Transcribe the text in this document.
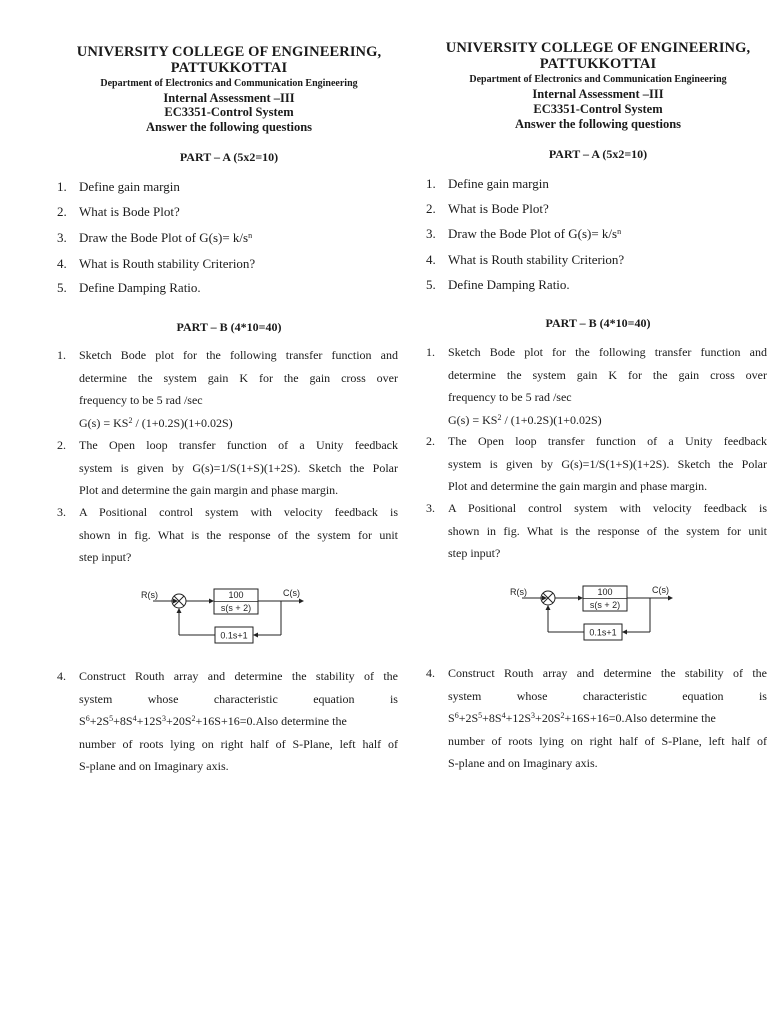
UNIVERSITY COLLEGE OF ENGINEERING,
PATTUKKOTTAI
Department of Electronics and Communication Engineering
Internal Assessment –III
EC3351-Control System
Answer the following questions
PART – A (5x2=10)
1. Define gain margin
2. What is Bode Plot?
3. Draw the Bode Plot of $G(s)= k/s^n$
4. What is Routh stability Criterion?
5. Define Damping Ratio.
PART – B (4*10=40)
1. Sketch Bode plot for the following transfer function and
determine the system gain K for the gain cross over
frequency to be 5 rad /sec
$G(s) = KS^2 / (1+0.2S)(1+0.02S)$
2. The Open loop transfer function of a Unity feedback
system is given by G(s)=1/S(1+S)(1+2S). Sketch the Polar
Plot and determine the gain margin and phase margin.
3. A Positional control system with velocity feedback is
shown in fig. What is the response of the system for unit
step input?
R(s)	100
s(s + 2)
C(s)
0.1s+1
4. Construct Routh array and determine the stability of the
system	whose	characteristic	equation	is
$S^6+2S^5+8S^4+12S^3+20S^2+16S+16=0.Also$ determine the
number of roots lying on right half of S-Plane, left half of
S-plane and on Imaginary axis.
UNIVERSITY COLLEGE OF ENGINEERING,
PATTUKKOTTAI
Department of Electronics and Communication Engineering
Internal Assessment –III
EC3351-Control System
Answer the following questions
PART – A (5x2=10)
1. Define gain margin
2. What is Bode Plot?
3. Draw the Bode Plot of $G(s)= k/s^n$
4. What is Routh stability Criterion?
5. Define Damping Ratio.
PART – B (4*10=40)
1. Sketch Bode plot for the following transfer function and
determine the system gain K for the gain cross over
frequency to be 5 rad /sec
$G(s) = KS^2 / (1+0.2S)(1+0.02S)$
2. The Open loop transfer function of a Unity feedback
system is given by G(s)=1/S(1+S)(1+2S). Sketch the Polar
Plot and determine the gain margin and phase margin.
3. A Positional control system with velocity feedback is
shown in fig. What is the response of the system for unit
step input?
R(s)	100
s(s + 2)
C(s)
0.1s+1
4. Construct Routh array and determine the stability of the
system	whose	characteristic	equation	is
$S^6+2S^5+8S^4+12S^3+20S^2+16S+16=0.Also$ determine the
number of roots lying on right half of S-Plane, left half of
S-plane and on Imaginary axis.
